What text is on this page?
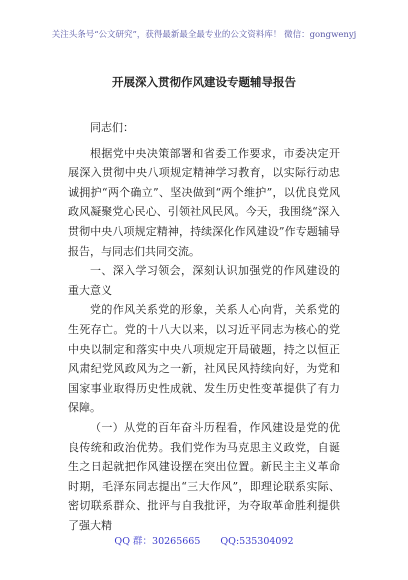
关注头条号“公文研究”，获得最新最全最专业的公文资料库！ 微信：gongwenyj
开展深入贯彻作风建设专题辅导报告

同志们：

根据党中央决策部署和省委工作要求，市委决定开展深入贯彻中央八项规定精神学习教育，以实际行动忠诚拥护“两个确立”、坚决做到“两个维护”，以优良党风政风凝聚党心民心、引领社风民风。今天，我围绕“深入贯彻中央八项规定精神，持续深化作风建设”作专题辅导报告，与同志们共同交流。

一、深入学习领会，深刻认识加强党的作风建设的重大意义

党的作风关系党的形象，关系人心向背，关系党的生死存亡。党的十八大以来，以习近平同志为核心的党中央以制定和落实中央八项规定开局破题，持之以恒正风肃纪党风政风为之一新，社风民风持续向好，为党和国家事业取得历史性成就、发生历史性变革提供了有力保障。

（一）从党的百年奋斗历程看，作风建设是党的优良传统和政治优势。我们党作为马克思主义政党，自诞生之日起就把作风建设摆在突出位置。新民主主义革命时期，毛泽东同志提出“三大作风”，即理论联系实际、密切联系群众、批评与自我批评，为夺取革命胜利提供了强大精

QQ 群：30265665 QQ:535304092
